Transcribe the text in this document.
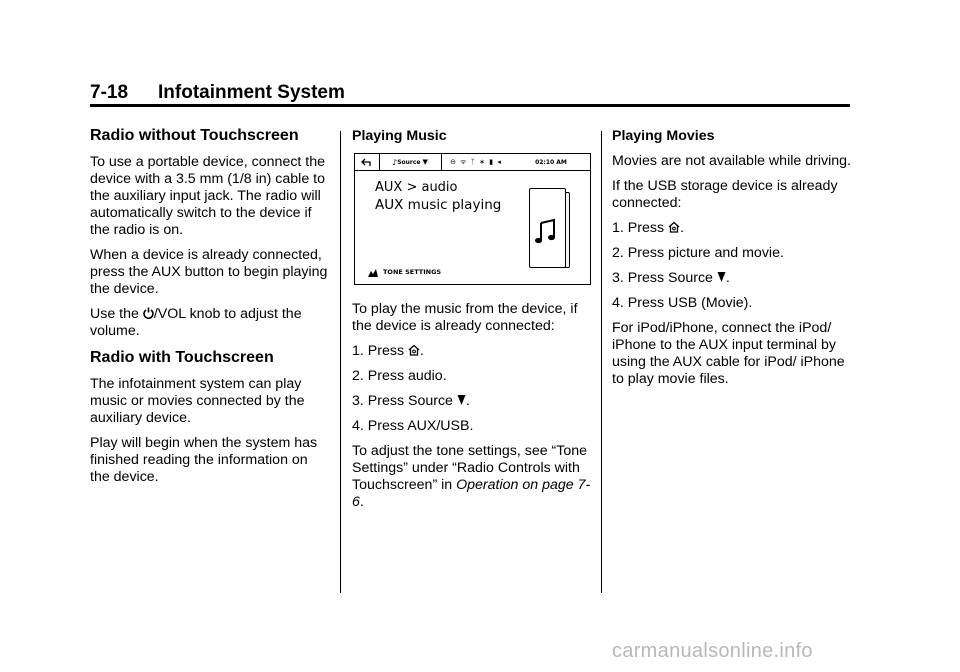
7-18 Infotainment System
Radio without Touchscreen

To use a portable device, connect the device with a 3.5 mm (1/8 in) cable to the auxiliary input jack. The radio will automatically switch to the device if the radio is on.

When a device is already connected, press the AUX button to begin playing the device.

Use the /VOL knob to adjust the volume.

Radio with Touchscreen

The infotainment system can play music or movies connected by the auxiliary device.

Play will begin when the system has finished reading the information on the device.

Playing Music
♪ Source ▼	⊖ ᯤ ᛉ ∗ ▮ ◂	02:10 AM
AUX > audio
AUX music playing
TONE SETTINGS

To play the music from the device, if the device is already connected:

1. Press .
2. Press audio.
3. Press Source .
4. Press AUX/USB.

To adjust the tone settings, see “Tone Settings” under “Radio Controls with Touchscreen” in Operation on page 7-6.

Playing Movies

Movies are not available while driving.

If the USB storage device is already connected:

1. Press .
2. Press picture and movie.
3. Press Source .
4. Press USB (Movie).

For iPod/iPhone, connect the iPod/ iPhone to the AUX input terminal by using the AUX cable for iPod/ iPhone to play movie files.

carmanualsonline.info
